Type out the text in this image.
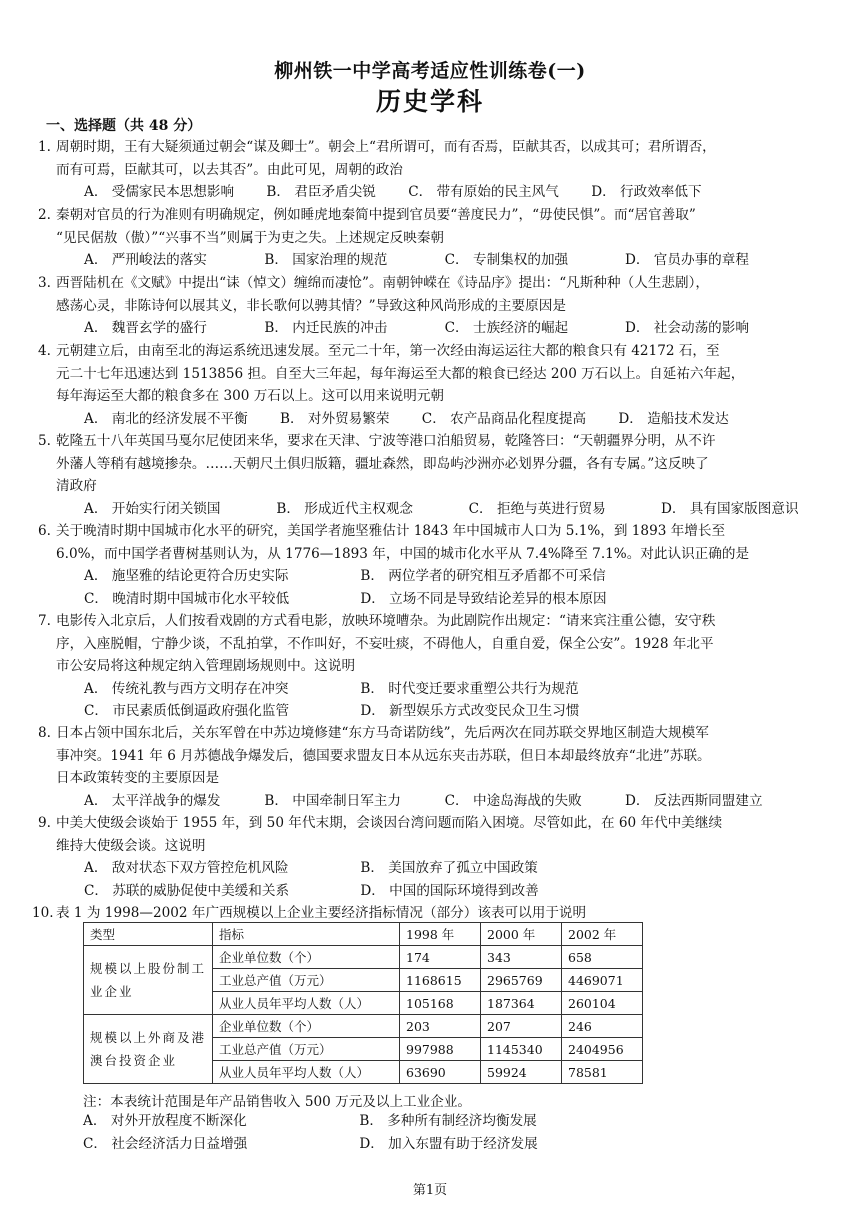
柳州铁一中学高考适应性训练卷(一)
历史学科
一、选择题（共 48 分）
1. 周朝时期，王有大疑须通过朝会“谋及卿士”。朝会上“君所谓可，而有否焉，臣献其否，以成其可；君所谓否，

而有可焉，臣献其可，以去其否”。由此可见，周朝的政治

A． 受儒家民本思想影响 B． 君臣矛盾尖锐 C． 带有原始的民主风气 D． 行政效率低下
2. 秦朝对官员的行为准则有明确规定，例如睡虎地秦简中提到官员要“善度民力”，“毋使民惧”。而“居官善取”

“见民倨敖（傲）”“兴事不当”则属于为吏之失。上述规定反映秦朝

A． 严刑峻法的落实	B． 国家治理的规范	C． 专制集权的加强	D． 官员办事的章程
3. 西晋陆机在《文赋》中提出“诔（悼文）缠绵而凄怆”。南朝钟嵘在《诗品序》提出：“凡斯种种（人生悲剧），

感荡心灵，非陈诗何以展其义，非长歌何以骋其情？”导致这种风尚形成的主要原因是

A． 魏晋玄学的盛行	B． 内迁民族的冲击	C． 士族经济的崛起	D． 社会动荡的影响
4. 元朝建立后，由南至北的海运系统迅速发展。至元二十年，第一次经由海运运往大都的粮食只有 42172 石，至

元二十七年迅速达到 1513856 担。自至大三年起，每年海运至大都的粮食已经达 200 万石以上。自延祐六年起，

每年海运至大都的粮食多在 300 万石以上。这可以用来说明元朝

A． 南北的经济发展不平衡 B． 对外贸易繁荣 C． 农产品商品化程度提高 D． 造船技术发达
5. 乾隆五十八年英国马戛尔尼使团来华，要求在天津、宁波等港口泊船贸易，乾隆答曰：“天朝疆界分明，从不许

外藩人等稍有越境掺杂。……天朝尺土俱归版籍，疆址森然，即岛屿沙洲亦必划界分疆，各有专属。”这反映了

清政府

A． 开始实行闭关锁国	B． 形成近代主权观念	C． 拒绝与英进行贸易	D． 具有国家版图意识
6. 关于晚清时期中国城市化水平的研究，美国学者施坚雅估计 1843 年中国城市人口为 5.1%，到 1893 年增长至

6.0%，而中国学者曹树基则认为，从 1776—1893 年，中国的城市化水平从 7.4%降至 7.1%。对此认识正确的是

A． 施坚雅的结论更符合历史实际	B． 两位学者的研究相互矛盾都不可采信
C． 晚清时期中国城市化水平较低	D． 立场不同是导致结论差异的根本原因
7. 电影传入北京后，人们按看戏剧的方式看电影，放映环境嘈杂。为此剧院作出规定：“请来宾注重公德，安守秩

序，入座脱帽，宁静少谈，不乱拍掌，不作叫好，不妄吐痰，不碍他人，自重自爱，保全公安”。1928 年北平

市公安局将这种规定纳入管理剧场规则中。这说明

A． 传统礼教与西方文明存在冲突	B． 时代变迁要求重塑公共行为规范
C． 市民素质低倒逼政府强化监管	D． 新型娱乐方式改变民众卫生习惯
8. 日本占领中国东北后，关东军曾在中苏边境修建“东方马奇诺防线”，先后两次在同苏联交界地区制造大规模军

事冲突。1941 年 6 月苏德战争爆发后，德国要求盟友日本从远东夹击苏联，但日本却最终放弃“北进”苏联。

日本政策转变的主要原因是

A． 太平洋战争的爆发	B． 中国牵制日军主力	C． 中途岛海战的失败	D． 反法西斯同盟建立
9. 中美大使级会谈始于 1955 年，到 50 年代末期，会谈因台湾问题而陷入困境。尽管如此，在 60 年代中美继续

维持大使级会谈。这说明

A． 敌对状态下双方管控危机风险	B． 美国放弃了孤立中国政策
C． 苏联的威胁促使中美缓和关系	D． 中国的国际环境得到改善
10. 表 1 为 1998—2002 年广西规模以上企业主要经济指标情况（部分）该表可以用于说明

类型	指标	1998 年	2000 年	2002 年
规模以上股份制工业企业	企业单位数（个）	174	343	658
	工业总产值（万元）	1168615	2965769	4469071
	从业人员年平均人数（人）	105168	187364	260104
规模以上外商及港澳台投资企业	企业单位数（个）	203	207	246
	工业总产值（万元）	997988	1145340	2404956
	从业人员年平均人数（人）	63690	59924	78581
注：本表统计范围是年产品销售收入 500 万元及以上工业企业。
A． 对外开放程度不断深化	B． 多种所有制经济均衡发展
C． 社会经济活力日益增强	D． 加入东盟有助于经济发展
第1页
